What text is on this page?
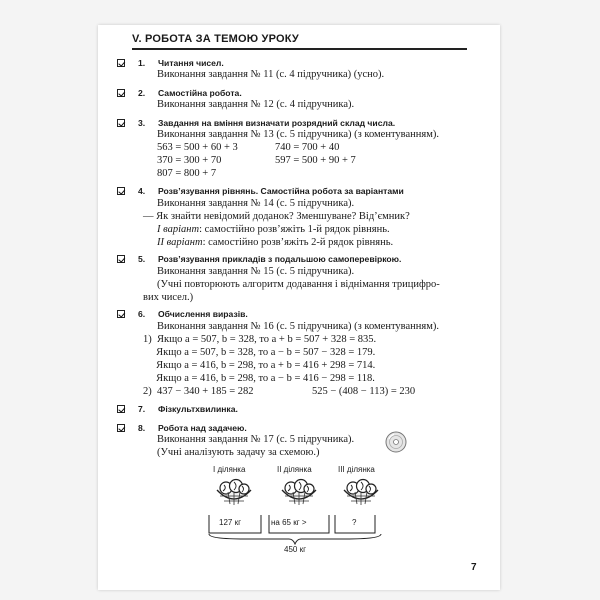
V. РОБОТА ЗА ТЕМОЮ УРОКУ
1. Читання чисел.
Виконання завдання № 11 (с. 4 підручника) (усно).
2. Самостійна робота.
Виконання завдання № 12 (с. 4 підручника).
3. Завдання на вміння визначати розрядний склад числа.
Виконання завдання № 13 (с. 5 підручника) (з коментуванням).
563 = 500 + 60 + 3	740 = 700 + 40
370 = 300 + 70	597 = 500 + 90 + 7
807 = 800 + 7
4. Розв’язування рівнянь. Самостійна робота за варіантами
Виконання завдання № 14 (с. 5 підручника).
— Як знайти невідомий доданок? Зменшуване? Від’ємник?
I варіант: самостійно розв’яжіть 1-й рядок рівнянь.
II варіант: самостійно розв’яжіть 2-й рядок рівнянь.
5. Розв’язування прикладів з подальшою самоперевіркою.
Виконання завдання № 15 (с. 5 підручника).
(Учні повторюють алгоритм додавання і віднімання трицифро-
вих чисел.)
6. Обчислення виразів.
Виконання завдання № 16 (с. 5 підручника) (з коментуванням).
1)  Якщо a = 507, b = 328, то a + b = 507 + 328 = 835.
Якщо a = 507, b = 328, то a − b = 507 − 328 = 179.
Якщо a = 416, b = 298, то a + b = 416 + 298 = 714.
Якщо a = 416, b = 298, то a − b = 416 − 298 = 118.
2)  437 − 340 + 185 = 282	525 − (408 − 113) = 230
7. Фізкультхвилинка.
8. Робота над задачею.
Виконання завдання № 17 (с. 5 підручника).
(Учні аналізують задачу за схемою.)
I ділянка	II ділянка	III ділянка
127 кг	на 65 кг >	?
450 кг
7
